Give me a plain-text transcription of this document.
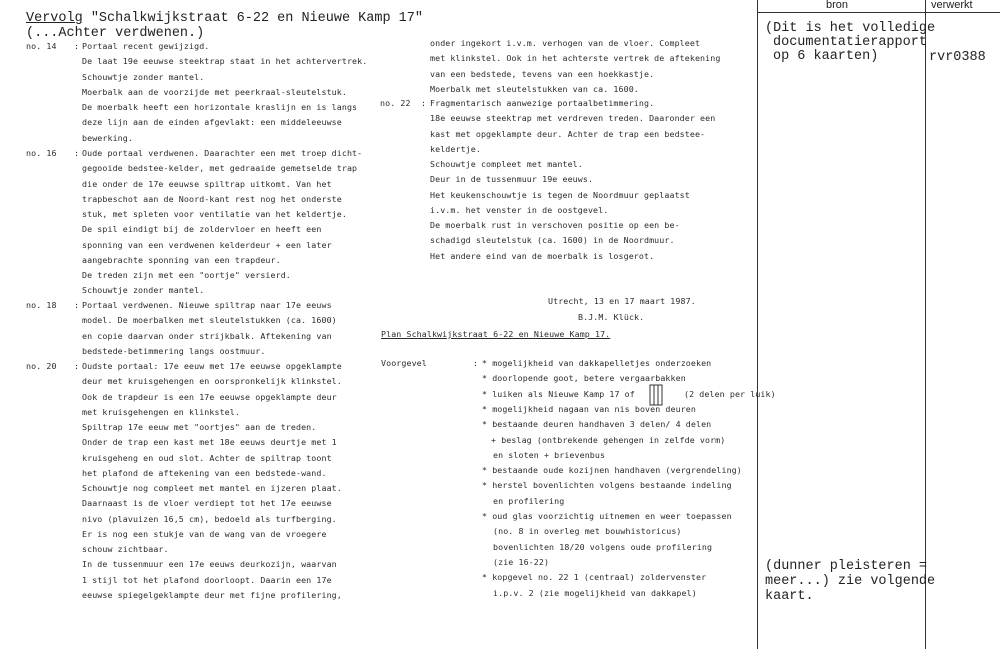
bron	verwerkt
(Dit is het volledige
documentatierapport
op 6 kaarten)	rvr0388
(dunner pleisteren =
meer...) zie volgende
kaart.
Vervolg "Schalkwijkstraat 6-22 en Nieuwe Kamp 17"
(...Achter verdwenen.)
no. 14 : Portaal recent gewijzigd.
De laat 19e eeuwse steektrap staat in het achtervertrek.
Schouwtje zonder mantel.
Moerbalk aan de voorzijde met peerkraal-sleutelstuk.
De moerbalk heeft een horizontale kraslijn en is langs
deze lijn aan de einden afgevlakt: een middeleeuwse
bewerking.
no. 16 : Oude portaal verdwenen. Daarachter een met troep dicht-
gegooide bedstee-kelder, met gedraaide gemetselde trap
die onder de 17e eeuwse spiltrap uitkomt. Van het
trapbeschot aan de Noord-kant rest nog het onderste
stuk, met spleten voor ventilatie van het keldertje.
De spil eindigt bij de zoldervloer en heeft een
sponning van een verdwenen kelderdeur + een later
aangebrachte sponning van een trapdeur.
De treden zijn met een "oortje" versierd.
Schouwtje zonder mantel.
no. 18 : Portaal verdwenen. Nieuwe spiltrap naar 17e eeuws
model. De moerbalken met sleutelstukken (ca. 1600)
en copie daarvan onder strijkbalk. Aftekening van
bedstede-betimmering langs oostmuur.
no. 20 : Oudste portaal: 17e eeuw met 17e eeuwse opgeklampte
deur met kruisgehengen en oorspronkelijk klinkstel.
Ook de trapdeur is een 17e eeuwse opgeklampte deur
met kruisgehengen en klinkstel.
Spiltrap 17e eeuw met "oortjes" aan de treden.
Onder de trap een kast met 18e eeuws deurtje met 1
kruisgeheng en oud slot. Achter de spiltrap toont
het plafond de aftekening van een bedstede-wand.
Schouwtje nog compleet met mantel en ijzeren plaat.
Daarnaast is de vloer verdiept tot het 17e eeuwse
nivo (plavuizen 16,5 cm), bedoeld als turfberging.
Er is nog een stukje van de wang van de vroegere
schouw zichtbaar.
In de tussenmuur een 17e eeuws deurkozijn, waarvan
1 stijl tot het plafond doorloopt. Daarin een 17e
eeuwse spiegelgeklampte deur met fijne profilering,
onder ingekort i.v.m. verhogen van de vloer. Compleet
met klinkstel. Ook in het achterste vertrek de aftekening
van een bedstede, tevens van een hoekkastje.
Moerbalk met sleutelstukken van ca. 1600.
no. 22 : Fragmentarisch aanwezige portaalbetimmering.
18e eeuwse steektrap met verdreven treden. Daaronder een
kast met opgeklampte deur. Achter de trap een bedstee-
keldertje.
Schouwtje compleet met mantel.
Deur in de tussenmuur 19e eeuws.
Het keukenschouwtje is tegen de Noordmuur geplaatst
i.v.m. het venster in de oostgevel.
De moerbalk rust in verschoven positie op een be-
schadigd sleutelstuk (ca. 1600) in de Noordmuur.
Het andere eind van de moerbalk is losgerot.
Utrecht, 13 en 17 maart 1987.
B.J.M. Klück.
Plan Schalkwijkstraat 6-22 en Nieuwe Kamp 17.
Voorgevel	: * mogelijkheid van dakkapelletjes onderzoeken
* doorlopende goot, betere vergaarbakken
* luiken als Nieuwe Kamp 17 of
* mogelijkheid nagaan van nis boven deuren
* bestaande deuren handhaven 3 delen/ 4 delen
+ beslag (ontbrekende gehengen in zelfde vorm)
en sloten + brievenbus
* bestaande oude kozijnen handhaven (vergrendeling)
* herstel bovenlichten volgens bestaande indeling
en profilering
* oud glas voorzichtig uitnemen en weer toepassen
(no. 8 in overleg met bouwhistoricus)
bovenlichten 18/20 volgens oude profilering
(zie 16-22)
* kopgevel no. 22 1 (centraal) zoldervenster
i.p.v. 2 (zie mogelijkheid van dakkapel)
(2 delen per luik)
